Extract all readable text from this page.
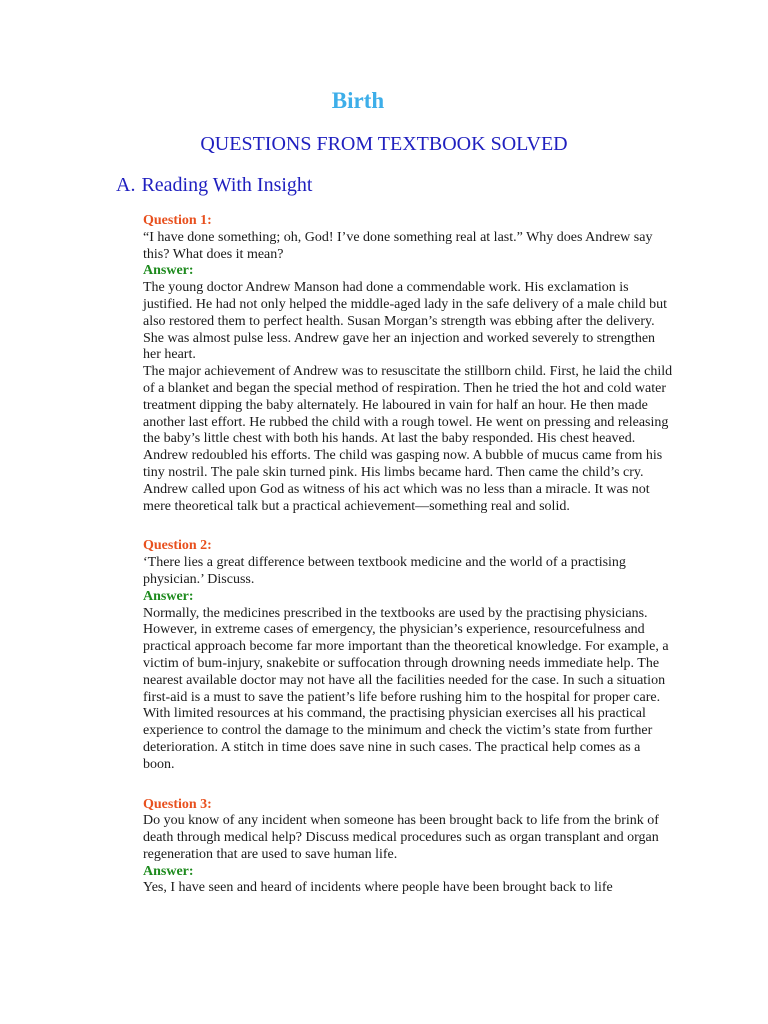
Birth
QUESTIONS FROM TEXTBOOK SOLVED
A. Reading With Insight
Question 1:
“I have done something; oh, God! I’ve done something real at last.” Why does Andrew say this? What does it mean?
Answer:
The young doctor Andrew Manson had done a commendable work. His exclamation is justified. He had not only helped the middle-aged lady in the safe delivery of a male child but also restored them to perfect health. Susan Morgan’s strength was ebbing after the delivery. She was almost pulse less. Andrew gave her an injection and worked severely to strengthen her heart.
The major achievement of Andrew was to resuscitate the stillborn child. First, he laid the child of a blanket and began the special method of respiration. Then he tried the hot and cold water treatment dipping the baby alternately. He laboured in vain for half an hour. He then made another last effort. He rubbed the child with a rough towel. He went on pressing and releasing the baby’s little chest with both his hands. At last the baby responded. His chest heaved. Andrew redoubled his efforts. The child was gasping now. A bubble of mucus came from his tiny nostril. The pale skin turned pink. His limbs became hard. Then came the child’s cry.
Andrew called upon God as witness of his act which was no less than a miracle. It was not mere theoretical talk but a practical achievement—something real and solid.
Question 2:
‘There lies a great difference between textbook medicine and the world of a practising physician.’ Discuss.
Answer:
Normally, the medicines prescribed in the textbooks are used by the practising physicians. However, in extreme cases of emergency, the physician’s experience, resourcefulness and practical approach become far more important than the theoretical knowledge. For example, a victim of bum-injury, snakebite or suffocation through drowning needs immediate help. The nearest available doctor may not have all the facilities needed for the case. In such a situation first-aid is a must to save the patient’s life before rushing him to the hospital for proper care. With limited resources at his command, the practising physician exercises all his practical experience to control the damage to the minimum and check the victim’s state from further deterioration. A stitch in time does save nine in such cases. The practical help comes as a boon.
Question 3:
Do you know of any incident when someone has been brought back to life from the brink of death through medical help? Discuss medical procedures such as organ transplant and organ regeneration that are used to save human life.
Answer:
Yes, I have seen and heard of incidents where people have been brought back to life
